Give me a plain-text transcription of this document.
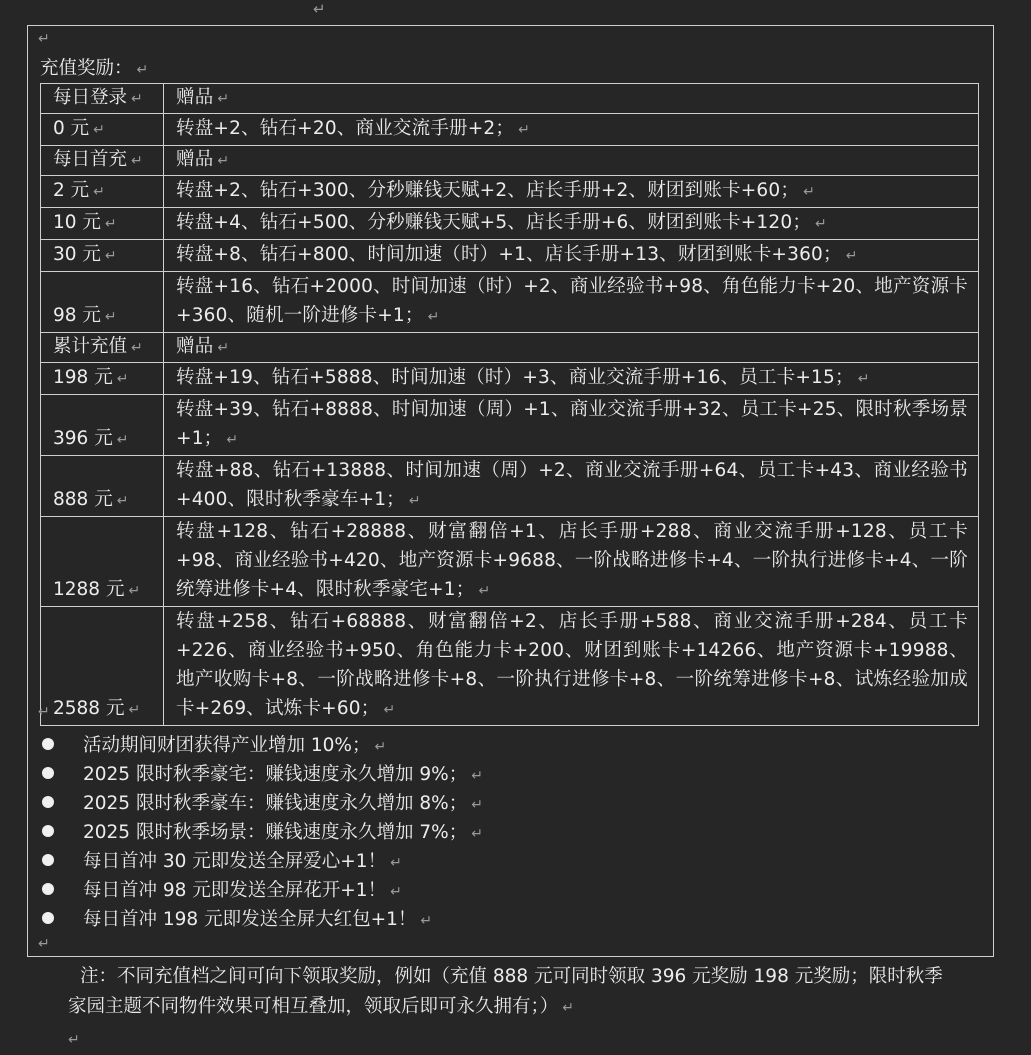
↵
↵
充值奖励： ↵
每日登录 ↵	赠品 ↵
0 元 ↵	转盘+2、钻石+20、商业交流手册+2； ↵
每日首充 ↵	赠品 ↵
2 元 ↵	转盘+2、钻石+300、分秒赚钱天赋+2、店长手册+2、财团到账卡+60； ↵
10 元 ↵	转盘+4、钻石+500、分秒赚钱天赋+5、店长手册+6、财团到账卡+120； ↵
30 元 ↵	转盘+8、钻石+800、时间加速（时）+1、店长手册+13、财团到账卡+360； ↵
98 元 ↵	转盘+16、钻石+2000、时间加速（时）+2、商业经验书+98、角色能力卡+20、地产资源卡+360、随机一阶进修卡+1； ↵
累计充值 ↵	赠品 ↵
198 元 ↵	转盘+19、钻石+5888、时间加速（时）+3、商业交流手册+16、员工卡+15； ↵
396 元 ↵	转盘+39、钻石+8888、时间加速（周）+1、商业交流手册+32、员工卡+25、限时秋季场景+1； ↵
888 元 ↵	转盘+88、钻石+13888、时间加速（周）+2、商业交流手册+64、员工卡+43、商业经验书+400、限时秋季豪车+1； ↵
1288 元 ↵	转盘+128、钻石+28888、财富翻倍+1、店长手册+288、商业交流手册+128、员工卡+98、商业经验书+420、地产资源卡+9688、一阶战略进修卡+4、一阶执行进修卡+4、一阶统筹进修卡+4、限时秋季豪宅+1； ↵
2588 元 ↵	转盘+258、钻石+68888、财富翻倍+2、店长手册+588、商业交流手册+284、员工卡+226、商业经验书+950、角色能力卡+200、财团到账卡+14266、地产资源卡+19988、地产收购卡+8、一阶战略进修卡+8、一阶执行进修卡+8、一阶统筹进修卡+8、试炼经验加成卡+269、试炼卡+60； ↵
↵
活动期间财团获得产业增加 10%； ↵
2025 限时秋季豪宅：赚钱速度永久增加 9%； ↵
2025 限时秋季豪车：赚钱速度永久增加 8%； ↵
2025 限时秋季场景：赚钱速度永久增加 7%； ↵
每日首冲 30 元即发送全屏爱心+1！ ↵
每日首冲 98 元即发送全屏花开+1！ ↵
每日首冲 198 元即发送全屏大红包+1！ ↵
↵
注：不同充值档之间可向下领取奖励，例如（充值 888 元可同时领取 396 元奖励 198 元奖励；限时秋季家园主题不同物件效果可相互叠加，领取后即可永久拥有；） ↵
↵
